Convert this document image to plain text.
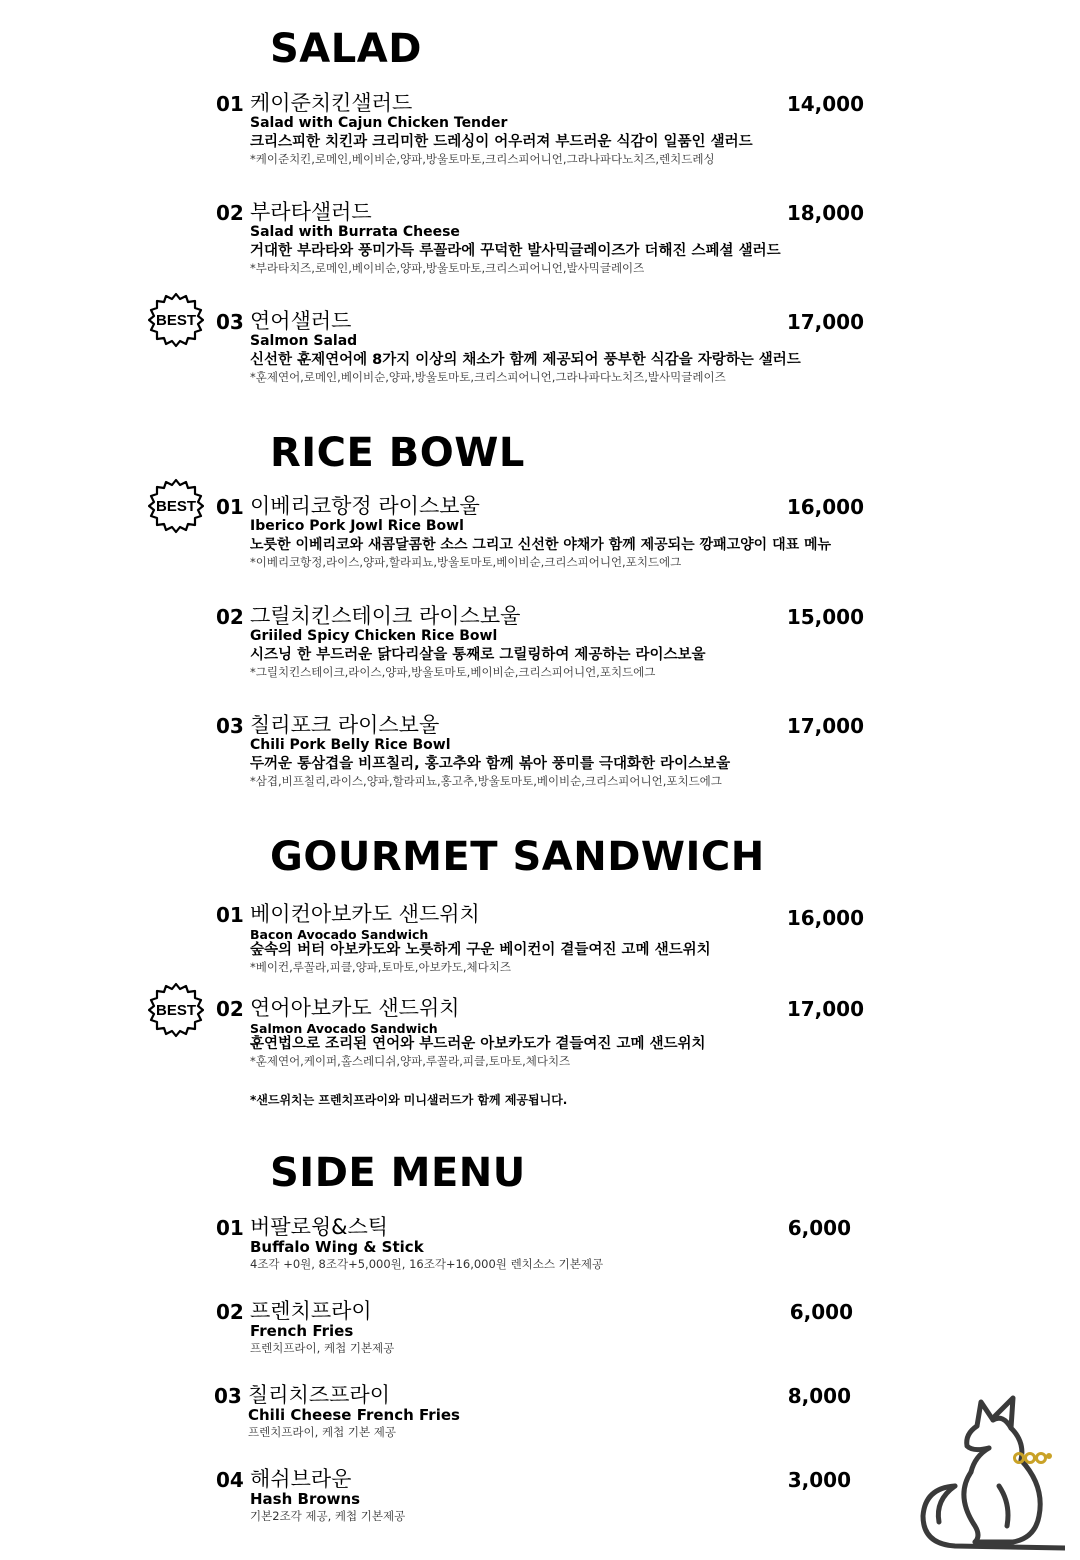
SALAD
01 케이준치킨샐러드	14,000
Salad with Cajun Chicken Tender
크리스피한 치킨과 크리미한 드레싱이 어우러져 부드러운 식감이 일품인 샐러드
*케이준치킨,로메인,베이비순,양파,방울토마토,크리스피어니언,그라나파다노치즈,렌치드레싱
02 부라타샐러드	18,000
Salad with Burrata Cheese
거대한 부라타와 풍미가득 루꼴라에 꾸덕한 발사믹글레이즈가 더해진 스페셜 샐러드
*부라타치즈,로메인,베이비순,양파,방울토마토,크리스피어니언,발사믹글레이즈
BEST 03 연어샐러드	17,000
Salmon Salad
신선한 훈제연어에 8가지 이상의 채소가 함께 제공되어 풍부한 식감을 자랑하는 샐러드
*훈제연어,로메인,베이비순,양파,방울토마토,크리스피어니언,그라나파다노치즈,발사믹글레이즈
RICE BOWL
BEST 01 이베리코항정 라이스보울	16,000
Iberico Pork Jowl Rice Bowl
노릇한 이베리코와 새콤달콤한 소스 그리고 신선한 야채가 함께 제공되는 깡패고양이 대표 메뉴
*이베리코항정,라이스,양파,할라피뇨,방울토마토,베이비순,크리스피어니언,포치드에그
02 그릴치킨스테이크 라이스보울	15,000
Griiled Spicy Chicken Rice Bowl
시즈닝 한 부드러운 닭다리살을 통째로 그릴링하여 제공하는 라이스보울
*그릴치킨스테이크,라이스,양파,방울토마토,베이비순,크리스피어니언,포치드에그
03 칠리포크 라이스보울	17,000
Chili Pork Belly Rice Bowl
두꺼운 통삼겹을 비프칠리, 홍고추와 함께 볶아 풍미를 극대화한 라이스보울
*삼겹,비프칠리,라이스,양파,할라피뇨,홍고추,방울토마토,베이비순,크리스피어니언,포치드에그
GOURMET SANDWICH
01 베이컨아보카도 샌드위치	16,000
Bacon Avocado Sandwich
숲속의 버터 아보카도와 노릇하게 구운 베이컨이 곁들여진 고메 샌드위치
*베이컨,루꼴라,피클,양파,토마토,아보카도,체다치즈
BEST 02 연어아보카도 샌드위치	17,000
Salmon Avocado Sandwich
훈연법으로 조리된 연어와 부드러운 아보카도가 곁들여진 고메 샌드위치
*훈제연어,케이퍼,홀스레디쉬,양파,루꼴라,피클,토마토,체다치즈
*샌드위치는 프렌치프라이와 미니샐러드가 함께 제공됩니다.
SIDE MENU
01 버팔로윙&스틱	6,000
Buffalo Wing & Stick
4조각 +0원, 8조각+5,000원, 16조각+16,000원 렌치소스 기본제공
02 프렌치프라이	6,000
French Fries
프렌치프라이, 케첩 기본제공
03 칠리치즈프라이	8,000
Chili Cheese French Fries
프렌치프라이, 케첩 기본 제공
04 해쉬브라운	3,000
Hash Browns
기본2조각 제공, 케첩 기본제공
